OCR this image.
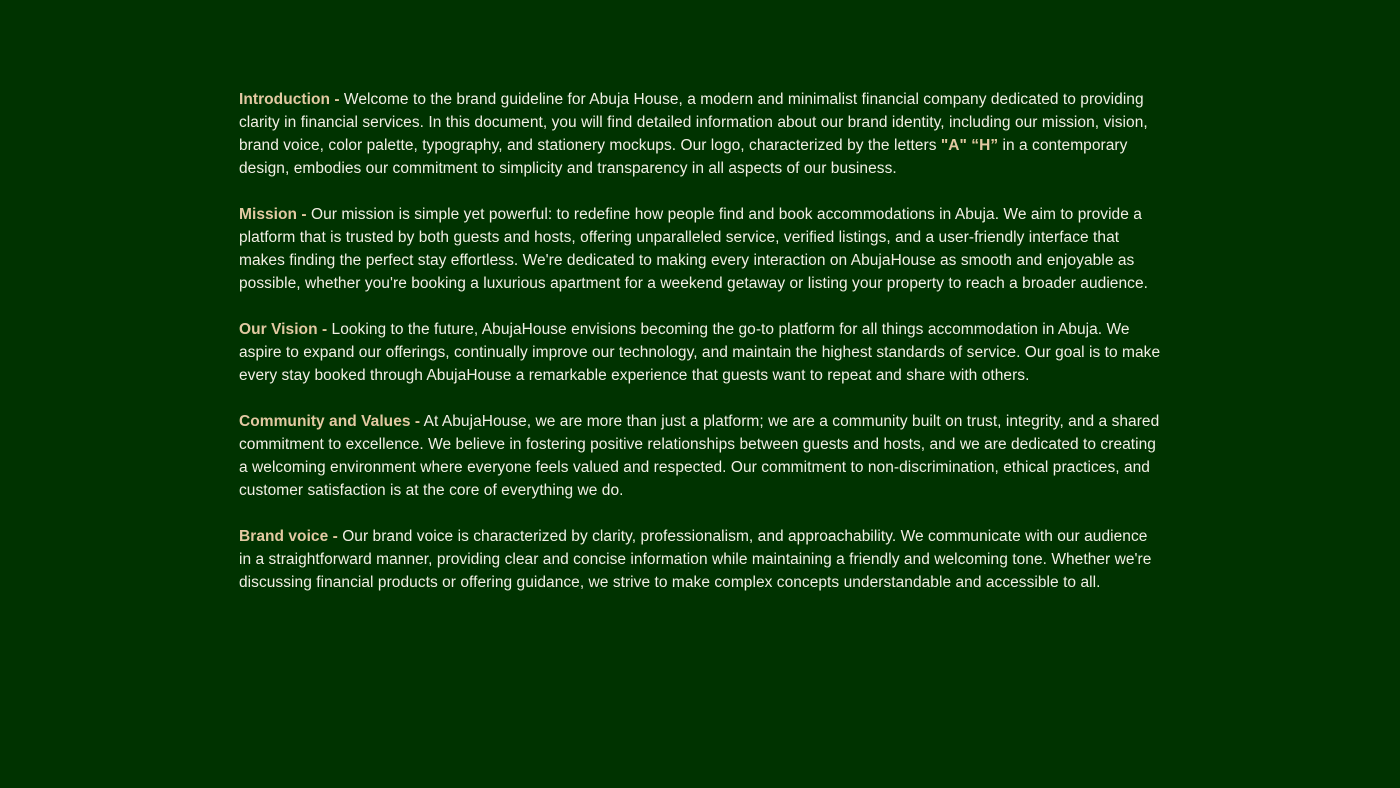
Introduction - Welcome to the brand guideline for Abuja House, a modern and minimalist financial company dedicated to providing clarity in financial services. In this document, you will find detailed information about our brand identity, including our mission, vision, brand voice, color palette, typography, and stationery mockups. Our logo, characterized by the letters "A" “H” in a contemporary design, embodies our commitment to simplicity and transparency in all aspects of our business.

Mission - Our mission is simple yet powerful: to redefine how people find and book accommodations in Abuja. We aim to provide a platform that is trusted by both guests and hosts, offering unparalleled service, verified listings, and a user-friendly interface that makes finding the perfect stay effortless. We're dedicated to making every interaction on AbujaHouse as smooth and enjoyable as possible, whether you're booking a luxurious apartment for a weekend getaway or listing your property to reach a broader audience.

Our Vision - Looking to the future, AbujaHouse envisions becoming the go-to platform for all things accommodation in Abuja. We aspire to expand our offerings, continually improve our technology, and maintain the highest standards of service. Our goal is to make every stay booked through AbujaHouse a remarkable experience that guests want to repeat and share with others.

Community and Values - At AbujaHouse, we are more than just a platform; we are a community built on trust, integrity, and a shared commitment to excellence. We believe in fostering positive relationships between guests and hosts, and we are dedicated to creating a welcoming environment where everyone feels valued and respected. Our commitment to non-discrimination, ethical practices, and customer satisfaction is at the core of everything we do.

Brand voice - Our brand voice is characterized by clarity, professionalism, and approachability. We communicate with our audience in a straightforward manner, providing clear and concise information while maintaining a friendly and welcoming tone. Whether we're discussing financial products or offering guidance, we strive to make complex concepts understandable and accessible to all.
